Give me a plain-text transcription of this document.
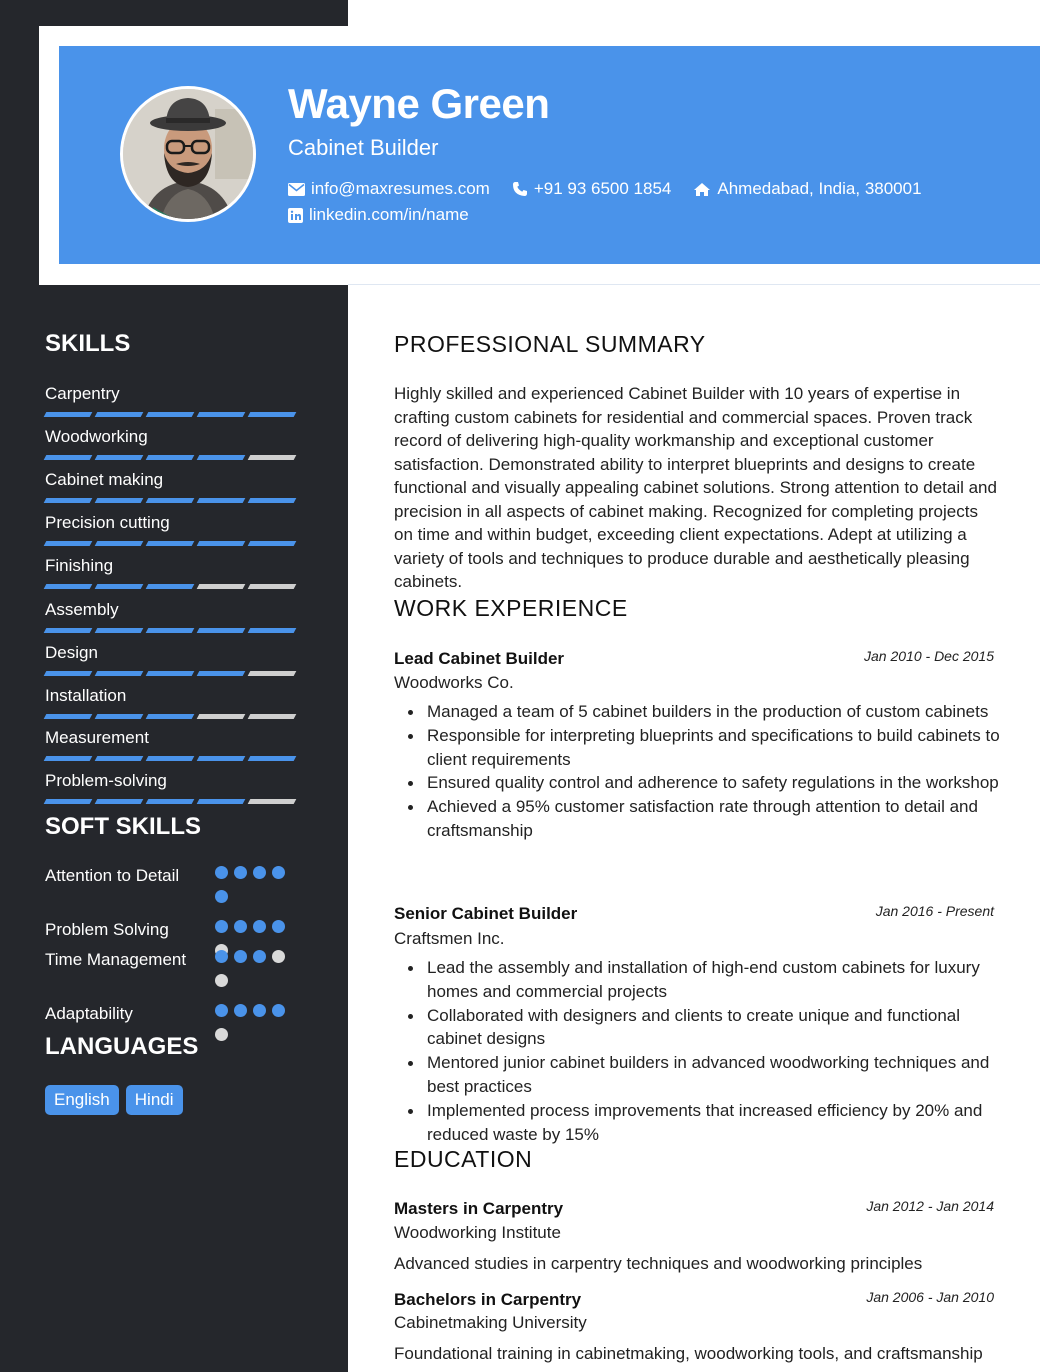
Wayne Green
Cabinet Builder
info@maxresumes.com	+91 93 6500 1854	Ahmedabad, India, 380001
linkedin.com/in/name
SKILLS
Carpentry
Woodworking
Cabinet making
Precision cutting
Finishing
Assembly
Design
Installation
Measurement
Problem-solving
SOFT SKILLS
Attention to Detail
Problem Solving
Time Management
Adaptability
LANGUAGES
English	Hindi
PROFESSIONAL SUMMARY
Highly skilled and experienced Cabinet Builder with 10 years of expertise in crafting custom cabinets for residential and commercial spaces. Proven track record of delivering high-quality workmanship and exceptional customer satisfaction. Demonstrated ability to interpret blueprints and designs to create functional and visually appealing cabinet solutions. Strong attention to detail and precision in all aspects of cabinet making. Recognized for completing projects on time and within budget, exceeding client expectations. Adept at utilizing a variety of tools and techniques to produce durable and aesthetically pleasing cabinets.
WORK EXPERIENCE
Lead Cabinet Builder	Jan 2010 - Dec 2015
Woodworks Co.
Managed a team of 5 cabinet builders in the production of custom cabinets
Responsible for interpreting blueprints and specifications to build cabinets to client requirements
Ensured quality control and adherence to safety regulations in the workshop
Achieved a 95% customer satisfaction rate through attention to detail and craftsmanship
Senior Cabinet Builder	Jan 2016 - Present
Craftsmen Inc.
Lead the assembly and installation of high-end custom cabinets for luxury homes and commercial projects
Collaborated with designers and clients to create unique and functional cabinet designs
Mentored junior cabinet builders in advanced woodworking techniques and best practices
Implemented process improvements that increased efficiency by 20% and reduced waste by 15%
EDUCATION
Masters in Carpentry	Jan 2012 - Jan 2014
Woodworking Institute
Advanced studies in carpentry techniques and woodworking principles
Bachelors in Carpentry	Jan 2006 - Jan 2010
Cabinetmaking University
Foundational training in cabinetmaking, woodworking tools, and craftsmanship
